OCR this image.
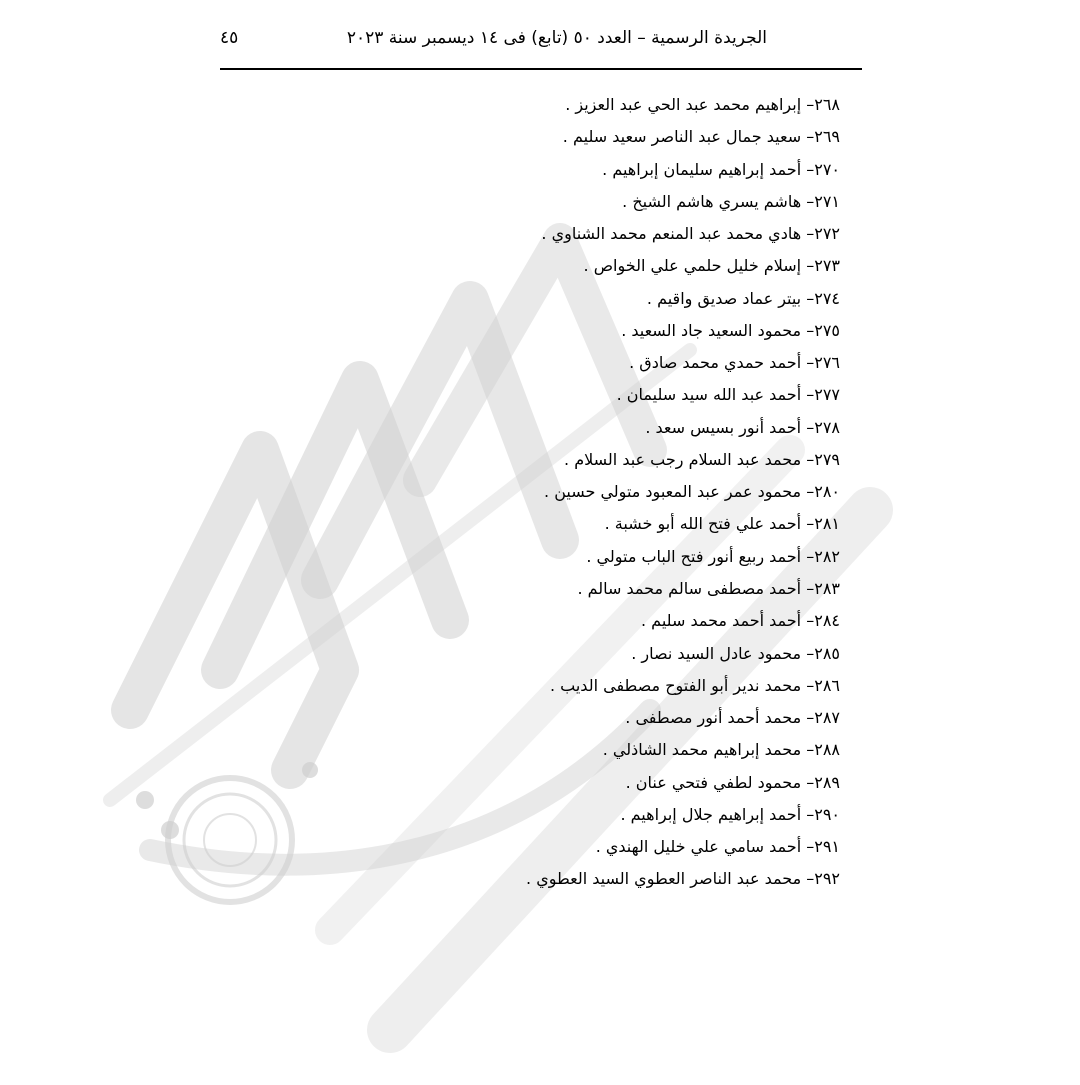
الجريدة الرسمية – العدد ٥٠ (تابع) فى ١٤ ديسمبر سنة ٢٠٢٣
٤٥
٢٦٨– إبراهيم محمد عبد الحي عبد العزيز .
٢٦٩– سعيد جمال عبد الناصر سعيد سليم .
٢٧٠– أحمد إبراهيم سليمان إبراهيم .
٢٧١– هاشم يسري هاشم الشيخ .
٢٧٢– هادي محمد عبد المنعم محمد الشناوي .
٢٧٣– إسلام خليل حلمي علي الخواص .
٢٧٤– بيتر عماد صديق واقيم .
٢٧٥– محمود السعيد جاد السعيد .
٢٧٦– أحمد حمدي محمد صادق .
٢٧٧– أحمد عبد الله سيد سليمان .
٢٧٨– أحمد أنور بسيس سعد .
٢٧٩– محمد عبد السلام رجب عبد السلام .
٢٨٠– محمود عمر عبد المعبود متولي حسين .
٢٨١– أحمد علي فتح الله أبو خشبة .
٢٨٢– أحمد ربيع أنور فتح الباب متولي .
٢٨٣– أحمد مصطفى سالم محمد سالم .
٢٨٤– أحمد أحمد محمد سليم .
٢٨٥– محمود عادل السيد نصار .
٢٨٦– محمد ندير أبو الفتوح مصطفى الديب .
٢٨٧– محمد أحمد أنور مصطفى .
٢٨٨– محمد إبراهيم محمد الشاذلي .
٢٨٩– محمود لطفي فتحي عنان .
٢٩٠– أحمد إبراهيم جلال إبراهيم .
٢٩١– أحمد سامي علي خليل الهندي .
٢٩٢– محمد عبد الناصر العطوي السيد العطوي .
